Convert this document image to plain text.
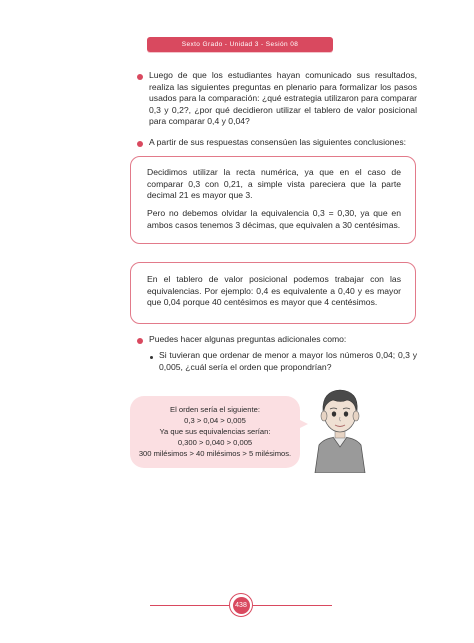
Sexto Grado - Unidad 3 - Sesión 08
Luego de que los estudiantes hayan comunicado sus resultados, realiza las siguientes preguntas en plenario para formalizar los pasos usados para la comparación: ¿qué estrategia utilizaron para comparar 0,3 y 0,2?, ¿por qué decidieron utilizar el tablero de valor posicional para comparar 0,4 y 0,04?
A partir de sus respuestas consensúen las siguientes conclusiones:
Decidimos utilizar la recta numérica, ya que en el caso de comparar 0,3 con 0,21, a simple vista pareciera que la parte decimal 21 es mayor que 3.
Pero no debemos olvidar la equivalencia 0,3 = 0,30, ya que en ambos casos tenemos 3 décimas, que equivalen a 30 centésimas.
En el tablero de valor posicional podemos trabajar con las equivalencias. Por ejemplo: 0,4 es equivalente a 0,40 y es mayor que 0,04 porque 40 centésimos es mayor que 4 centésimos.
Puedes hacer algunas preguntas adicionales como:
Si tuvieran que ordenar de menor a mayor los números 0,04; 0,3 y 0,005, ¿cuál sería el orden que propondrían?
El orden sería el siguiente:
0,3 > 0,04 > 0,005
Ya que sus equivalencias serían:
0,300 > 0,040 > 0,005
300 milésimos > 40 milésimos > 5 milésimos.
438
